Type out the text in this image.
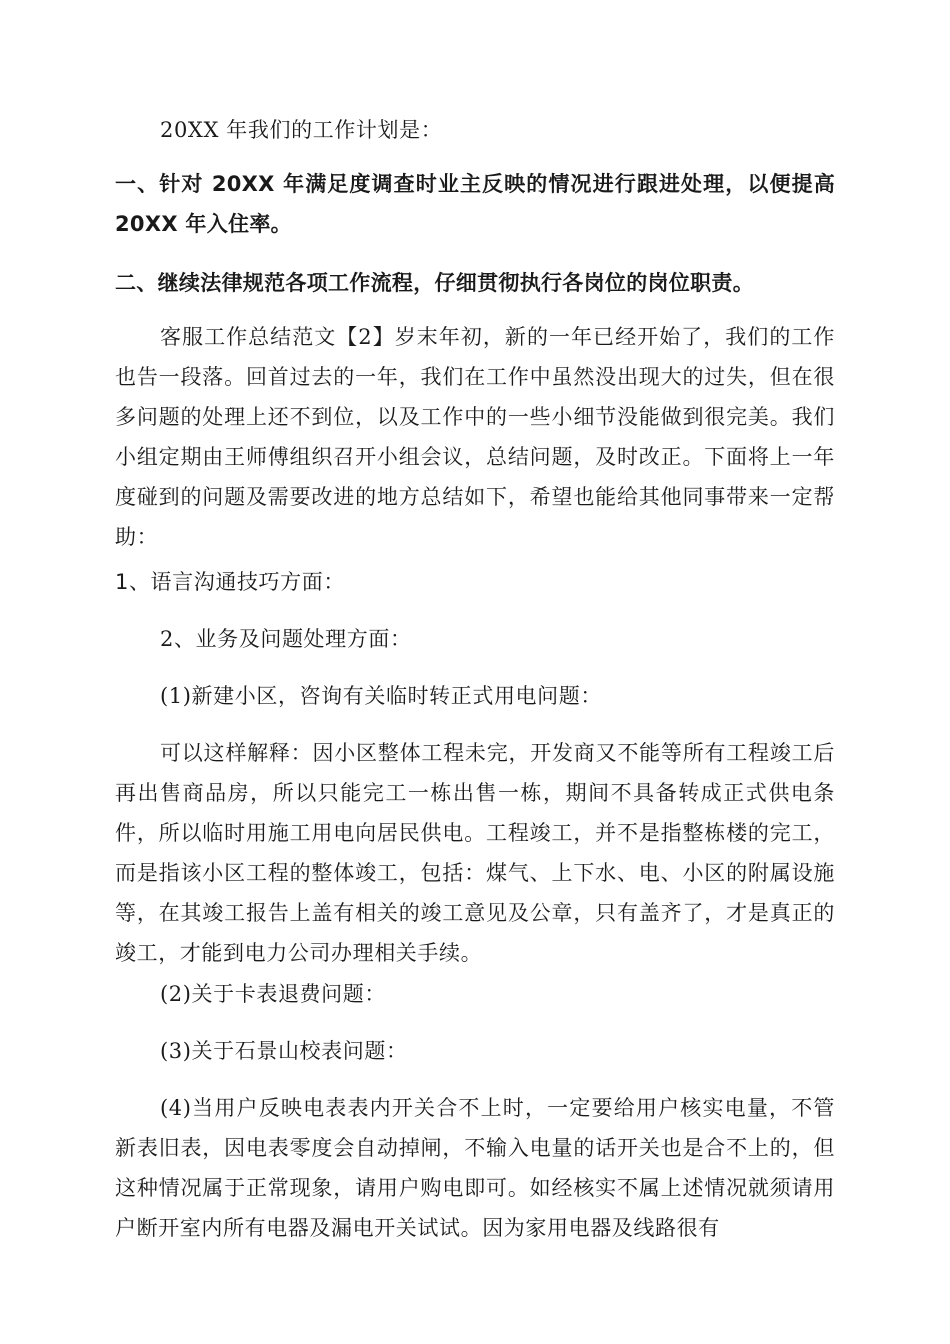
20XX 年我们的工作计划是：

一、针对 20XX 年满足度调查时业主反映的情况进行跟进处理，以便提高 20XX 年入住率。

二、继续法律规范各项工作流程，仔细贯彻执行各岗位的岗位职责。

客服工作总结范文【2】岁末年初，新的一年已经开始了，我们的工作也告一段落。回首过去的一年，我们在工作中虽然没出现大的过失，但在很多问题的处理上还不到位，以及工作中的一些小细节没能做到很完美。我们小组定期由王师傅组织召开小组会议，总结问题，及时改正。下面将上一年度碰到的问题及需要改进的地方总结如下，希望也能给其他同事带来一定帮助：

1、语言沟通技巧方面：

2、业务及问题处理方面：

(1)新建小区，咨询有关临时转正式用电问题：

可以这样解释：因小区整体工程未完，开发商又不能等所有工程竣工后再出售商品房，所以只能完工一栋出售一栋，期间不具备转成正式供电条件，所以临时用施工用电向居民供电。工程竣工，并不是指整栋楼的完工，而是指该小区工程的整体竣工，包括：煤气、上下水、电、小区的附属设施等，在其竣工报告上盖有相关的竣工意见及公章，只有盖齐了，才是真正的竣工，才能到电力公司办理相关手续。

(2)关于卡表退费问题：

(3)关于石景山校表问题：

(4)当用户反映电表表内开关合不上时，一定要给用户核实电量，不管新表旧表，因电表零度会自动掉闸，不输入电量的话开关也是合不上的，但这种情况属于正常现象，请用户购电即可。如经核实不属上述情况就须请用户断开室内所有电器及漏电开关试试。因为家用电器及线路很有
